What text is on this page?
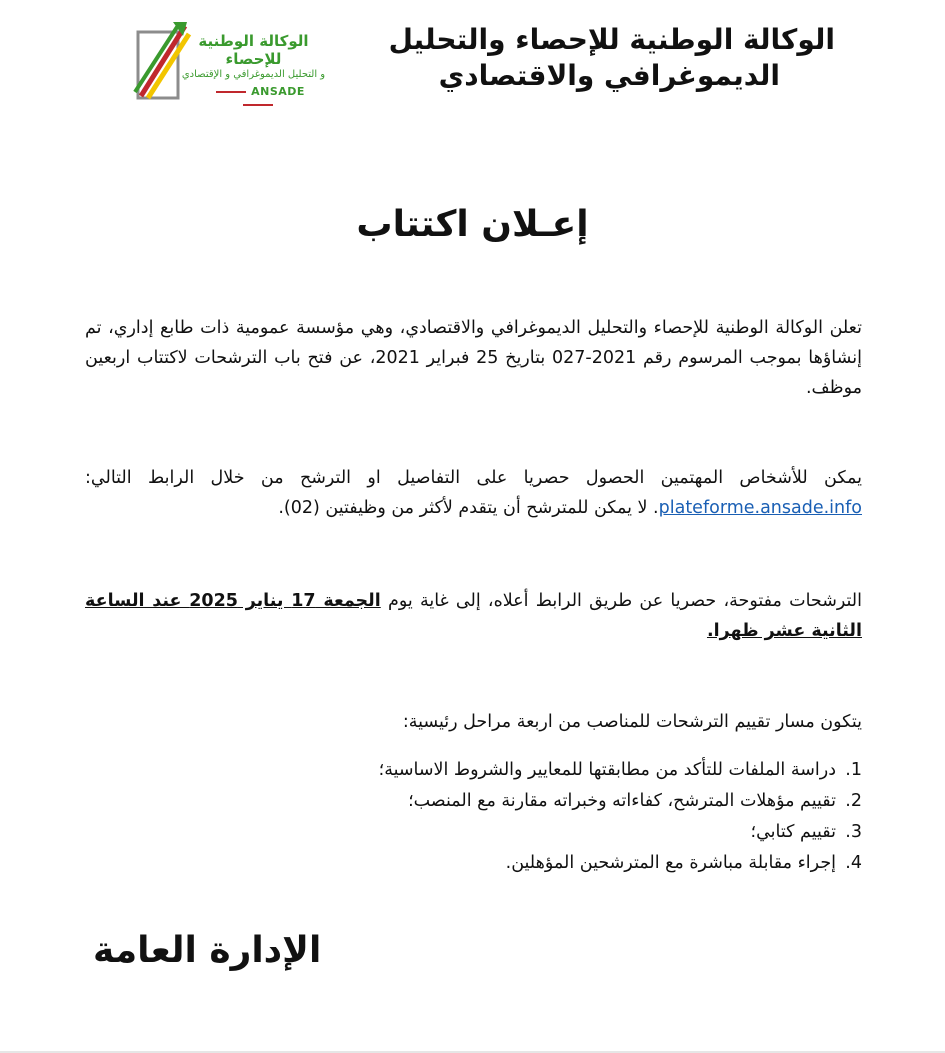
الوكالة الوطنية للإحصاء
و التحليل الديموغرافي و الإقتصادي
ANSADE
الوكالة الوطنية للإحصاء والتحليل
الديموغرافي والاقتصادي
إعـلان اكتتاب
تعلن الوكالة الوطنية للإحصاء والتحليل الديموغرافي والاقتصادي، وهي مؤسسة عمومية ذات طابع إداري، تم إنشاؤها بموجب المرسوم رقم 2021-027 بتاريخ 25 فبراير 2021، عن فتح باب الترشحات لاكتتاب اربعين موظف.
يمكن للأشخاص المهتمين الحصول حصريا على التفاصيل او الترشح من خلال الرابط التالي: plateforme.ansade.info. لا يمكن للمترشح أن يتقدم لأكثر من وظيفتين (02).
الترشحات مفتوحة، حصريا عن طريق الرابط أعلاه، إلى غاية يوم الجمعة 17 يناير 2025 عند الساعة الثانية عشر ظهرا.
يتكون مسار تقييم الترشحات للمناصب من اربعة مراحل رئيسية:
1.دراسة الملفات للتأكد من مطابقتها للمعايير والشروط الاساسية؛
2.تقييم مؤهلات المترشح، كفاءاته وخبراته مقارنة مع المنصب؛
3.تقييم كتابي؛
4.إجراء مقابلة مباشرة مع المترشحين المؤهلين.
الإدارة العامة
